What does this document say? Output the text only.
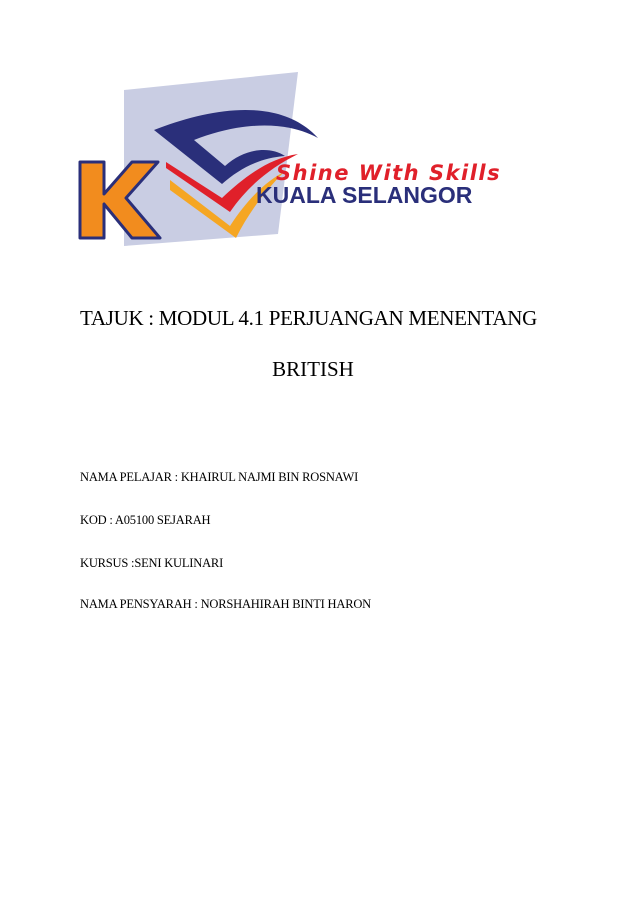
Shine With Skills
KUALA SELANGOR
TAJUK : MODUL 4.1 PERJUANGAN MENENTANG
BRITISH
NAMA PELAJAR : KHAIRUL NAJMI BIN ROSNAWI
KOD : A05100 SEJARAH
KURSUS :SENI KULINARI
NAMA PENSYARAH : NORSHAHIRAH BINTI HARON
